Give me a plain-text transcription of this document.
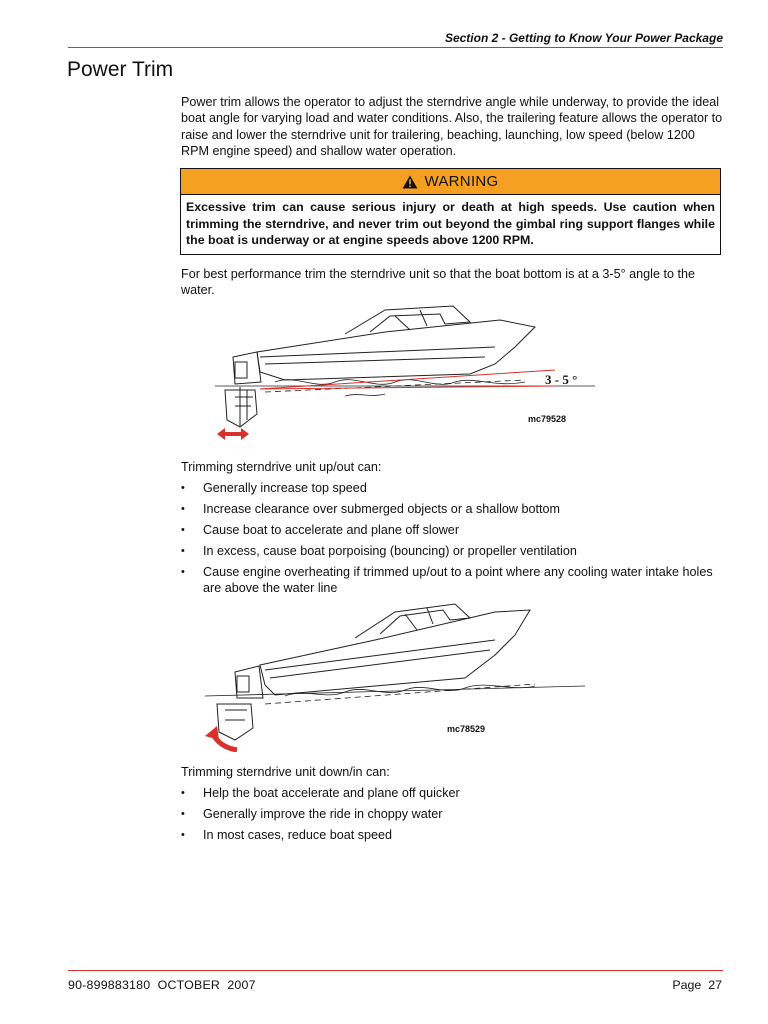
Section 2 - Getting to Know Your Power Package
Power Trim
Power trim allows the operator to adjust the sterndrive angle while underway, to provide the ideal boat angle for varying load and water conditions. Also, the trailering feature allows the operator to raise and lower the sterndrive unit for trailering, beaching, launching, low speed (below 1200 RPM engine speed) and shallow water operation.
WARNING
Excessive trim can cause serious injury or death at high speeds. Use caution when trimming the sterndrive, and never trim out beyond the gimbal ring support flanges while the boat is underway or at engine speeds above 1200 RPM.
For best performance trim the sterndrive unit so that the boat bottom is at a 3-5° angle to the water.
3 - 5 °
mc79528
Trimming sterndrive unit up/out can:
• Generally increase top speed
• Increase clearance over submerged objects or a shallow bottom
• Cause boat to accelerate and plane off slower
• In excess, cause boat porpoising (bouncing) or propeller ventilation
• Cause engine overheating if trimmed up/out to a point where any cooling water intake holes are above the water line
mc78529
Trimming sterndrive unit down/in can:
• Help the boat accelerate and plane off quicker
• Generally improve the ride in choppy water
• In most cases, reduce boat speed
90-899883180  OCTOBER  2007	Page  27
